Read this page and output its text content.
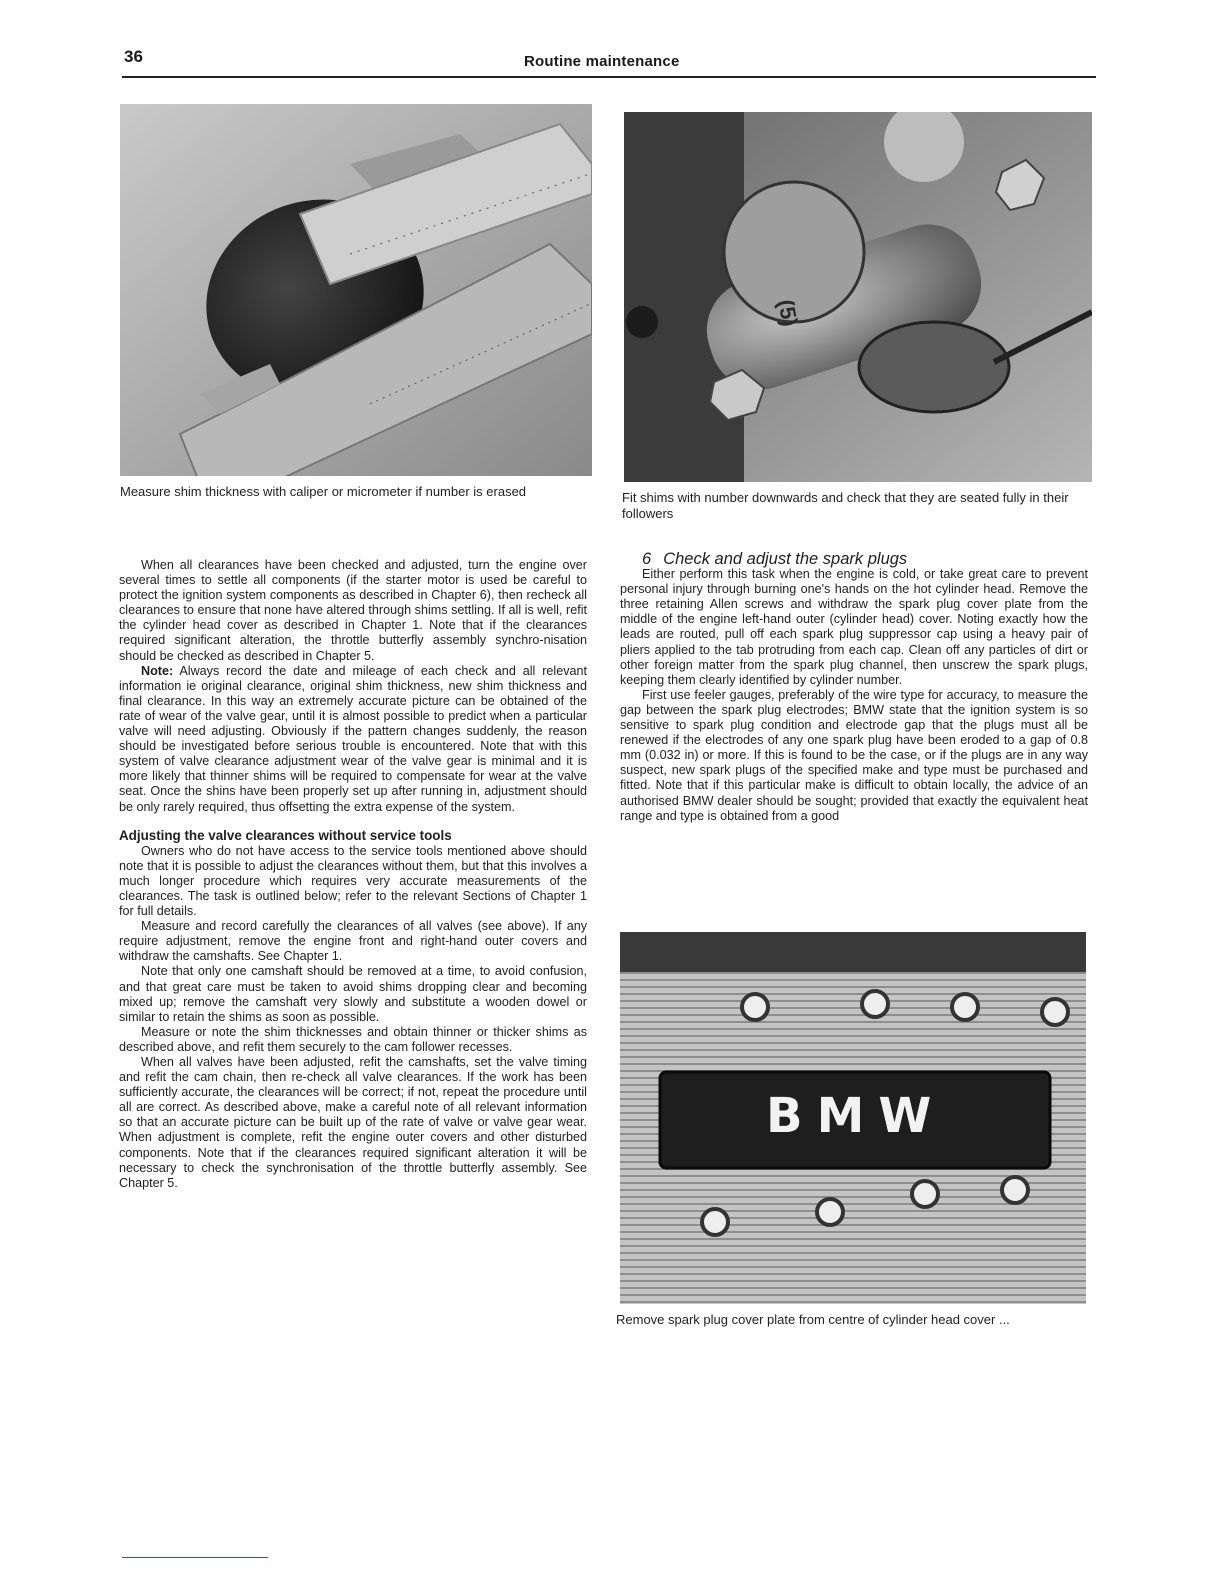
36	Routine maintenance
Measure shim thickness with caliper or micrometer if number is erased
(5)
Fit shims with number downwards and check that they are seated fully in their followers

When all clearances have been checked and adjusted, turn the engine over several times to settle all components (if the starter motor is used be careful to protect the ignition system components as described in Chapter 6), then recheck all clearances to ensure that none have altered through shims settling. If all is well, refit the cylinder head cover as described in Chapter 1. Note that if the clearances required significant alteration, the throttle butterfly assembly synchro-nisation should be checked as described in Chapter 5.

Note: Always record the date and mileage of each check and all relevant information ie original clearance, original shim thickness, new shim thickness and final clearance. In this way an extremely accurate picture can be obtained of the rate of wear of the valve gear, until it is almost possible to predict when a particular valve will need adjusting. Obviously if the pattern changes suddenly, the reason should be investigated before serious trouble is encountered. Note that with this system of valve clearance adjustment wear of the valve gear is minimal and it is more likely that thinner shims will be required to compensate for wear at the valve seat. Once the shins have been properly set up after running in, adjustment should be only rarely required, thus offsetting the extra expense of the system.

Adjusting the valve clearances without service tools

Owners who do not have access to the service tools mentioned above should note that it is possible to adjust the clearances without them, but that this involves a much longer procedure which requires very accurate measurements of the clearances. The task is outlined below; refer to the relevant Sections of Chapter 1 for full details.

Measure and record carefully the clearances of all valves (see above). If any require adjustment, remove the engine front and right-hand outer covers and withdraw the camshafts. See Chapter 1.

Note that only one camshaft should be removed at a time, to avoid confusion, and that great care must be taken to avoid shims dropping clear and becoming mixed up; remove the camshaft very slowly and substitute a wooden dowel or similar to retain the shims as soon as possible.

Measure or note the shim thicknesses and obtain thinner or thicker shims as described above, and refit them securely to the cam follower recesses.

When all valves have been adjusted, refit the camshafts, set the valve timing and refit the cam chain, then re-check all valve clearances. If the work has been sufficiently accurate, the clearances will be correct; if not, repeat the procedure until all are correct. As described above, make a careful note of all relevant information so that an accurate picture can be built up of the rate of valve or valve gear wear. When adjustment is complete, refit the engine outer covers and other disturbed components. Note that if the clearances required significant alteration it will be necessary to check the synchronisation of the throttle butterfly assembly. See Chapter 5.

6 Check and adjust the spark plugs

Either perform this task when the engine is cold, or take great care to prevent personal injury through burning one's hands on the hot cylinder head. Remove the three retaining Allen screws and withdraw the spark plug cover plate from the middle of the engine left-hand outer (cylinder head) cover. Noting exactly how the leads are routed, pull off each spark plug suppressor cap using a heavy pair of pliers applied to the tab protruding from each cap. Clean off any particles of dirt or other foreign matter from the spark plug channel, then unscrew the spark plugs, keeping them clearly identified by cylinder number.

First use feeler gauges, preferably of the wire type for accuracy, to measure the gap between the spark plug electrodes; BMW state that the ignition system is so sensitive to spark plug condition and electrode gap that the plugs must all be renewed if the electrodes of any one spark plug have been eroded to a gap of 0.8 mm (0.032 in) or more. If this is found to be the case, or if the plugs are in any way suspect, new spark plugs of the specified make and type must be purchased and fitted. Note that if this particular make is difficult to obtain locally, the advice of an authorised BMW dealer should be sought; provided that exactly the equivalent heat range and type is obtained from a good

BMW
Remove spark plug cover plate from centre of cylinder head cover ...
